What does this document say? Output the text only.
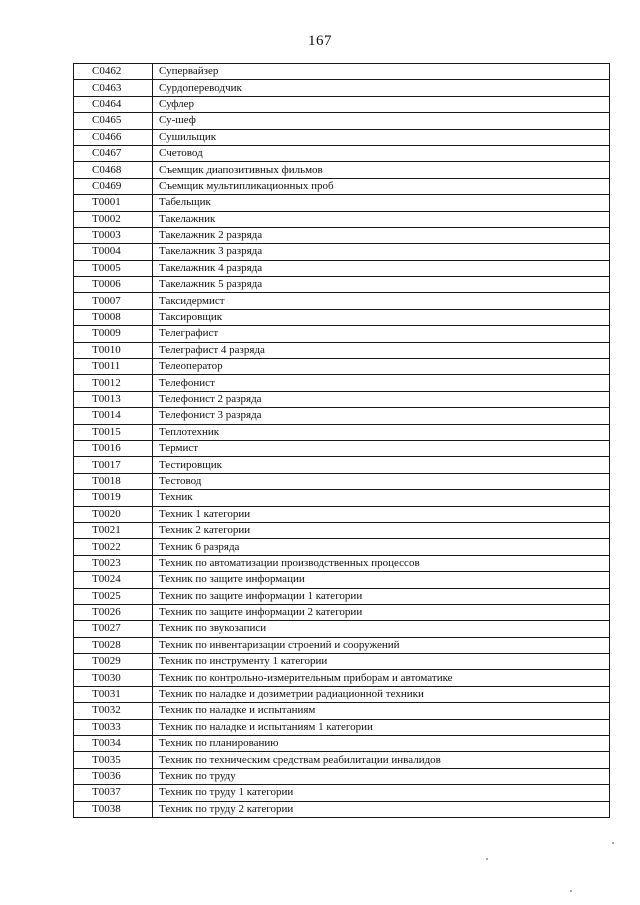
167
С0462	Супервайзер
С0463	Сурдопереводчик
С0464	Суфлер
С0465	Су-шеф
С0466	Сушильщик
С0467	Счетовод
С0468	Съемщик диапозитивных фильмов
С0469	Съемщик мультипликационных проб
Т0001	Табельщик
Т0002	Такелажник
Т0003	Такелажник 2 разряда
Т0004	Такелажник 3 разряда
Т0005	Такелажник 4 разряда
Т0006	Такелажник 5 разряда
Т0007	Таксидермист
Т0008	Таксировщик
Т0009	Телеграфист
Т0010	Телеграфист 4 разряда
Т0011	Телеоператор
Т0012	Телефонист
Т0013	Телефонист 2 разряда
Т0014	Телефонист 3 разряда
Т0015	Теплотехник
Т0016	Термист
Т0017	Тестировщик
Т0018	Тестовод
Т0019	Техник
Т0020	Техник 1 категории
Т0021	Техник 2 категории
Т0022	Техник 6 разряда
Т0023	Техник по автоматизации производственных процессов
Т0024	Техник по защите информации
Т0025	Техник по защите информации 1 категории
Т0026	Техник по защите информации 2 категории
Т0027	Техник по звукозаписи
Т0028	Техник по инвентаризации строений и сооружений
Т0029	Техник по инструменту 1 категории
Т0030	Техник по контрольно-измерительным приборам и автоматике
Т0031	Техник по наладке и дозиметрии радиационной техники
Т0032	Техник по наладке и испытаниям
Т0033	Техник по наладке и испытаниям 1 категории
Т0034	Техник по планированию
Т0035	Техник по техническим средствам реабилитации инвалидов
Т0036	Техник по труду
Т0037	Техник по труду 1 категории
Т0038	Техник по труду 2 категории
